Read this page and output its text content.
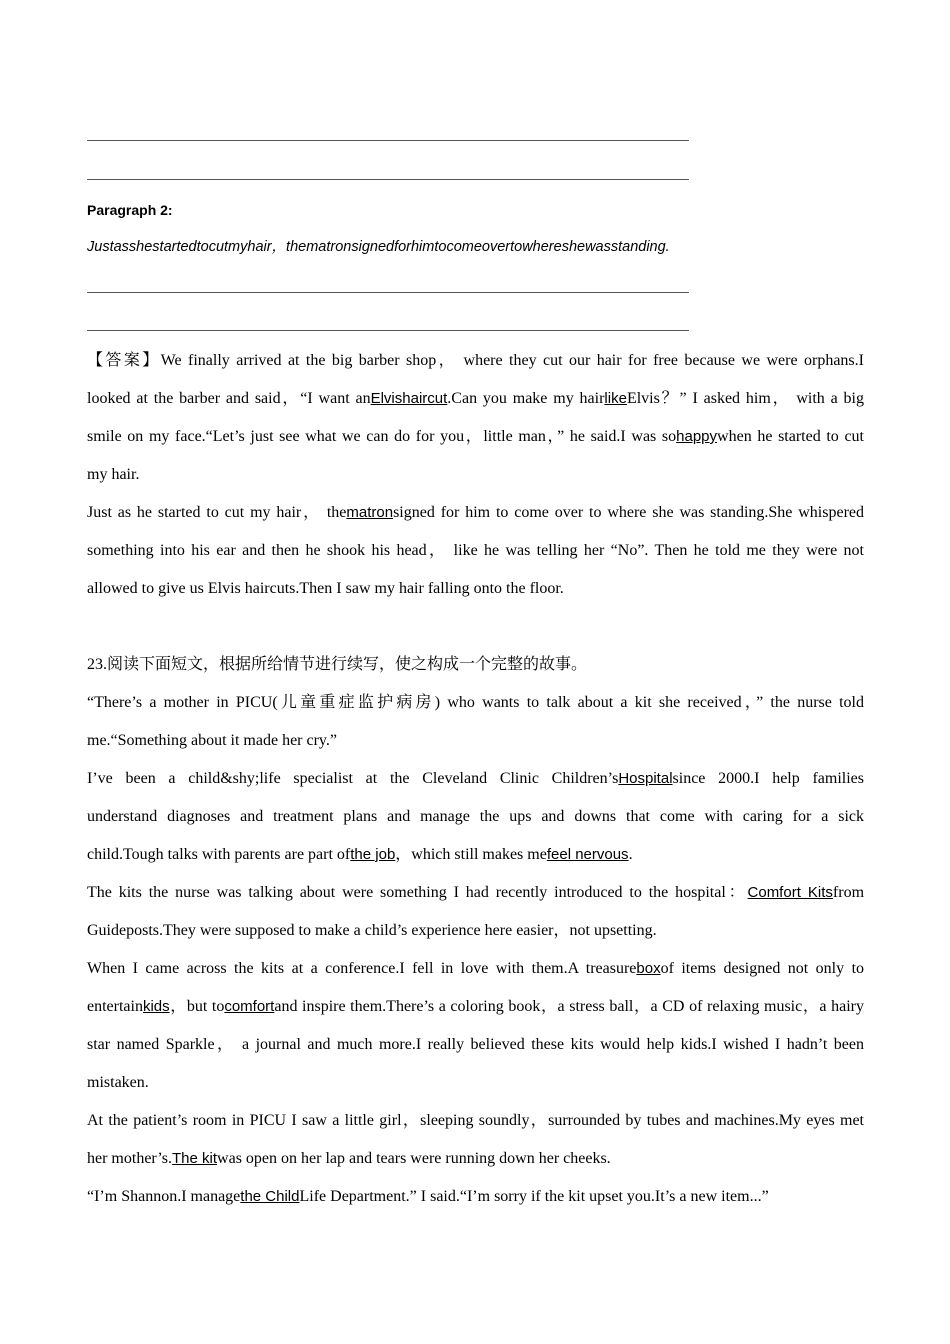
Paragraph 2:
Justasshestartedtocutmyhair，thematronsignedforhimtocomeovertowhereshewasstanding.
【答案】We finally arrived at the big barber shop， where they cut our hair for free because we were orphans.I
looked at the barber and said，“I want anElvishaircut.Can you make my hairlikeElvis？” I asked him， with a big
smile on my face.“Let’s just see what we can do for you，little man，” he said.I was sohappywhen he started to cut
my hair.
Just as he started to cut my hair， thematronsigned for him to come over to where she was standing.She whispered
something into his ear and then he shook his head， like he was telling her “No”. Then he told me they were not
allowed to give us Elvis haircuts.Then I saw my hair falling onto the floor.
23.阅读下面短文，根据所给情节进行续写，使之构成一个完整的故事。
“There’s a mother in PICU(儿童重症监护病房) who wants to talk about a kit she received，” the nurse told
me.“Something about it made her cry.”
I’ve been a child&shy;life specialist at the Cleveland Clinic Children’sHospitalsince 2000.I help families
understand diagnoses and treatment plans and manage the ups and downs that come with caring for a sick
child.Tough talks with parents are part ofthe job，which still makes mefeel nervous.
The kits the nurse was talking about were something I had recently introduced to the hospital：Comfort Kitsfrom
Guideposts.They were supposed to make a child’s experience here easier，not upsetting.
When I came across the kits at a conference.I fell in love with them.A treasureboxof items designed not only to
entertainkids，but tocomfortand inspire them.There’s a coloring book，a stress ball，a CD of relaxing music，a hairy
star named Sparkle， a journal and much more.I really believed these kits would help kids.I wished I hadn’t been
mistaken.
At the patient’s room in PICU I saw a little girl，sleeping soundly，surrounded by tubes and machines.My eyes met
her mother’s.The kitwas open on her lap and tears were running down her cheeks.
“I’m Shannon.I managethe ChildLife Department.” I said.“I’m sorry if the kit upset you.It’s a new item...”
